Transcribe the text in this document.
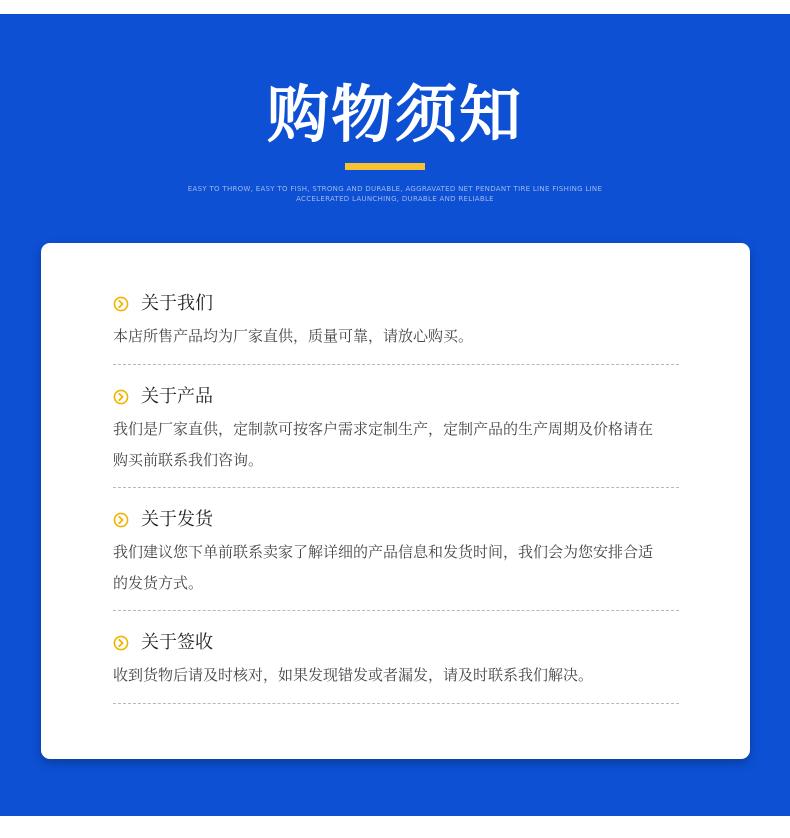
购物须知
EASY TO THROW, EASY TO FISH, STRONG AND DURABLE, AGGRAVATED NET PENDANT TIRE LINE FISHING LINE
ACCELERATED LAUNCHING, DURABLE AND RELIABLE
关于我们
本店所售产品均为厂家直供，质量可靠，请放心购买。
关于产品
我们是厂家直供，定制款可按客户需求定制生产，定制产品的生产周期及价格请在
购买前联系我们咨询。
关于发货
我们建议您下单前联系卖家了解详细的产品信息和发货时间，我们会为您安排合适
的发货方式。
关于签收
收到货物后请及时核对，如果发现错发或者漏发，请及时联系我们解决。
